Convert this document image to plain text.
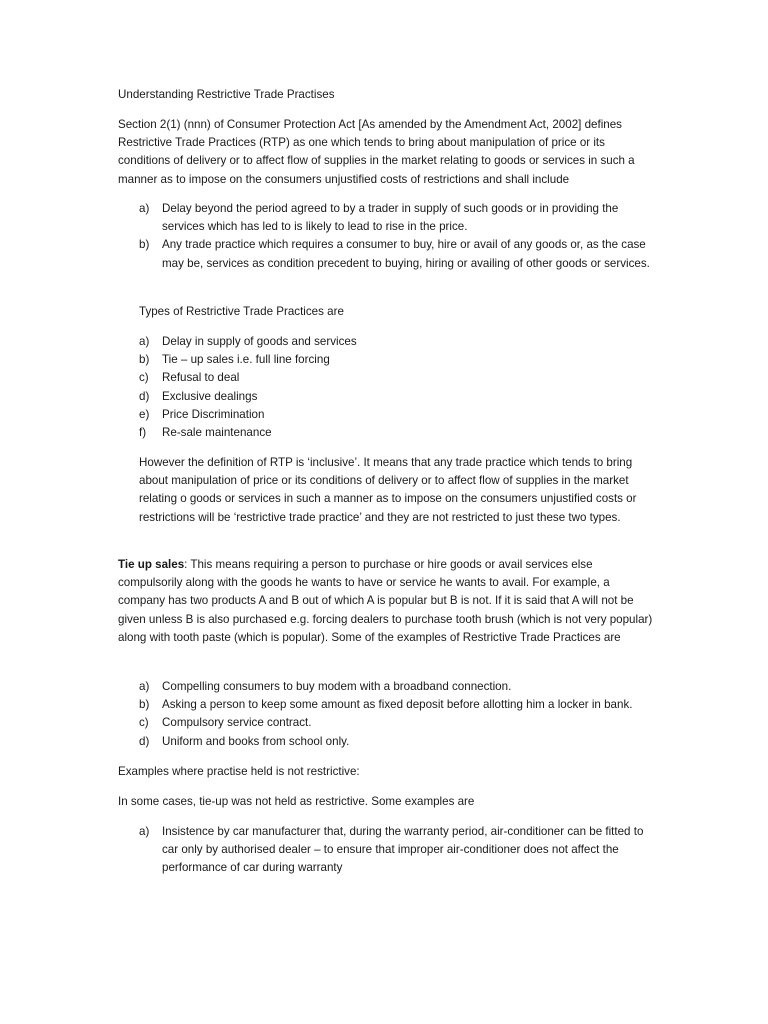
Understanding Restrictive Trade Practises

Section 2(1) (nnn) of Consumer Protection Act [As amended by the Amendment Act, 2002] defines Restrictive Trade Practices (RTP) as one which tends to bring about manipulation of price or its conditions of delivery or to affect flow of supplies in the market relating to goods or services in such a manner as to impose on the consumers unjustified costs of restrictions and shall include

a) Delay beyond the period agreed to by a trader in supply of such goods or in providing the services which has led to is likely to lead to rise in the price.
b) Any trade practice which requires a consumer to buy, hire or avail of any goods or, as the case may be, services as condition precedent to buying, hiring or availing of other goods or services.

Types of Restrictive Trade Practices are

a) Delay in supply of goods and services
b) Tie – up sales i.e. full line forcing
c) Refusal to deal
d) Exclusive dealings
e) Price Discrimination
f) Re-sale maintenance

However the definition of RTP is ‘inclusive’. It means that any trade practice which tends to bring about manipulation of price or its conditions of delivery or to affect flow of supplies in the market relating o goods or services in such a manner as to impose on the consumers unjustified costs or restrictions will be ‘restrictive trade practice’ and they are not restricted to just these two types.

Tie up sales: This means requiring a person to purchase or hire goods or avail services else compulsorily along with the goods he wants to have or service he wants to avail. For example, a company has two products A and B out of which A is popular but B is not. If it is said that A will not be given unless B is also purchased e.g. forcing dealers to purchase tooth brush (which is not very popular) along with tooth paste (which is popular). Some of the examples of Restrictive Trade Practices are

a) Compelling consumers to buy modem with a broadband connection.
b) Asking a person to keep some amount as fixed deposit before allotting him a locker in bank.
c) Compulsory service contract.
d) Uniform and books from school only.

Examples where practise held is not restrictive:

In some cases, tie-up was not held as restrictive. Some examples are

a) Insistence by car manufacturer that, during the warranty period, air-conditioner can be fitted to car only by authorised dealer – to ensure that improper air-conditioner does not affect the performance of car during warranty
